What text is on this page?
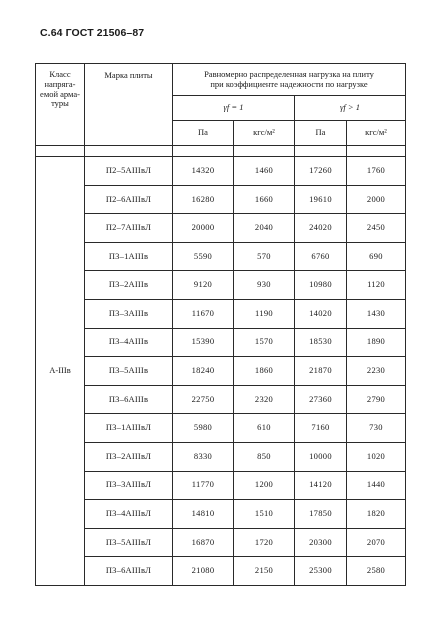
С.64 ГОСТ 21506–87
Класс напряга-емой арма-туры	Марка плиты	Равномерно распределенная нагрузка на плиту при коэффициенте надежности по нагрузке			
		γf = 1		γf > 1	
		Па	кгс/м²	Па	кгс/м²

A-IIIв	П2–5АIIIвЛ	14320	1460	17260	1760
	П2–6АIIIвЛ	16280	1660	19610	2000
	П2–7АIIIвЛ	20000	2040	24020	2450
	П3–1АIIIв	5590	570	6760	690
	П3–2АIIIв	9120	930	10980	1120
	П3–3АIIIв	11670	1190	14020	1430
	П3–4АIIIв	15390	1570	18530	1890
	П3–5АIIIв	18240	1860	21870	2230
	П3–6АIIIв	22750	2320	27360	2790
	П3–1АIIIвЛ	5980	610	7160	730
	П3–2АIIIвЛ	8330	850	10000	1020
	П3–3АIIIвЛ	11770	1200	14120	1440
	П3–4АIIIвЛ	14810	1510	17850	1820
	П3–5АIIIвЛ	16870	1720	20300	2070
	П3–6АIIIвЛ	21080	2150	25300	2580
